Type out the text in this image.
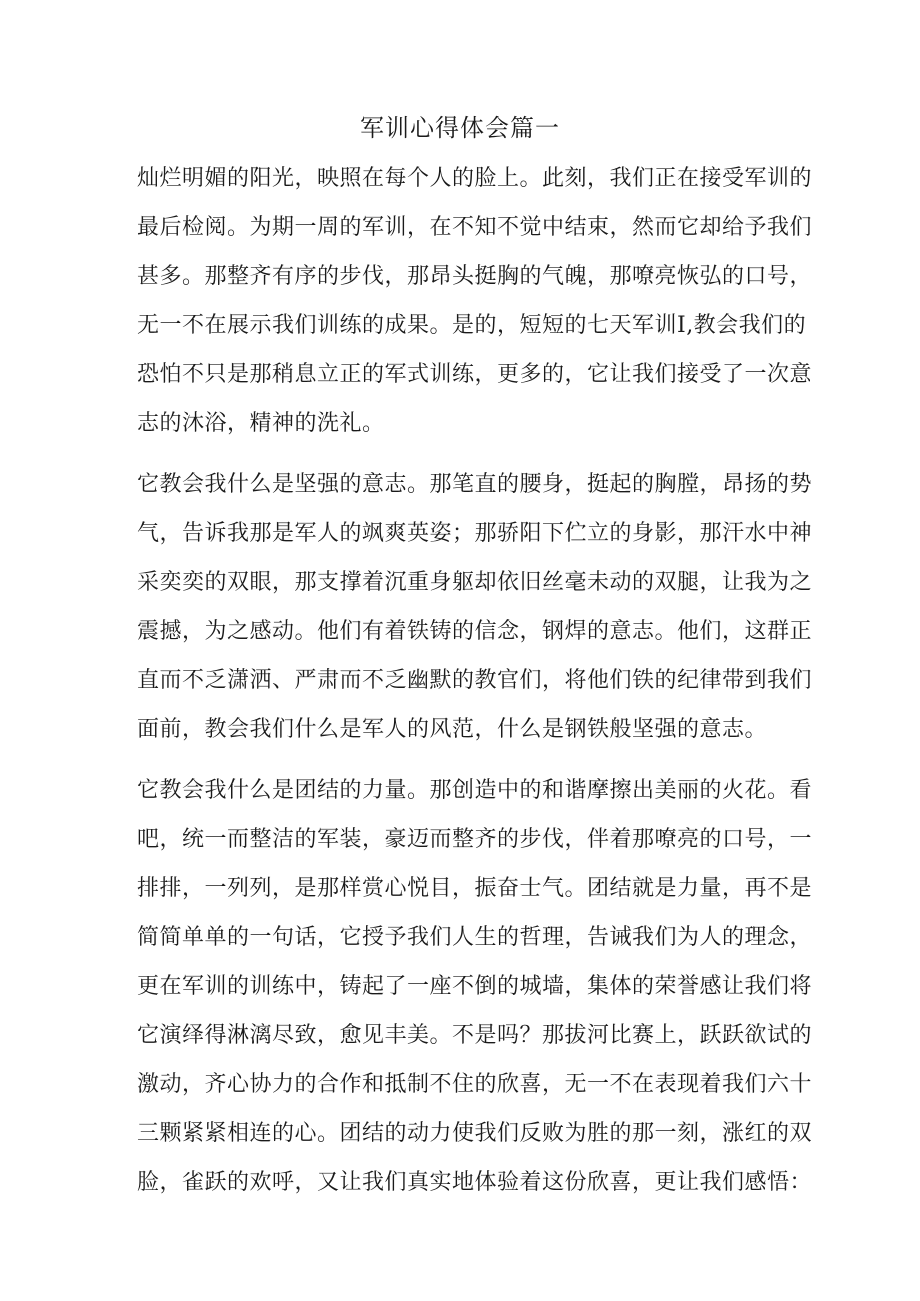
军训心得体会篇一
灿烂明媚的阳光，映照在每个人的脸上。此刻，我们正在接受军训的
最后检阅。为期一周的军训，在不知不觉中结束，然而它却给予我们
甚多。那整齐有序的步伐，那昂头挺胸的气魄，那嘹亮恢弘的口号，
无一不在展示我们训练的成果。是的，短短的七天军训Ⅰ,教会我们的
恐怕不只是那稍息立正的军式训练，更多的，它让我们接受了一次意
志的沐浴，精神的洗礼。
它教会我什么是坚强的意志。那笔直的腰身，挺起的胸膛，昂扬的势
气，告诉我那是军人的飒爽英姿；那骄阳下伫立的身影，那汗水中神
采奕奕的双眼，那支撑着沉重身躯却依旧丝毫未动的双腿，让我为之
震撼，为之感动。他们有着铁铸的信念，钢焊的意志。他们，这群正
直而不乏潇洒、严肃而不乏幽默的教官们，将他们铁的纪律带到我们
面前，教会我们什么是军人的风范，什么是钢铁般坚强的意志。
它教会我什么是团结的力量。那创造中的和谐摩擦出美丽的火花。看
吧，统一而整洁的军装，豪迈而整齐的步伐，伴着那嘹亮的口号，一
排排，一列列，是那样赏心悦目，振奋士气。团结就是力量，再不是
简简单单的一句话，它授予我们人生的哲理，告诫我们为人的理念，
更在军训的训练中，铸起了一座不倒的城墙，集体的荣誉感让我们将
它演绎得淋漓尽致，愈见丰美。不是吗？那拔河比赛上，跃跃欲试的
激动，齐心协力的合作和抵制不住的欣喜，无一不在表现着我们六十
三颗紧紧相连的心。团结的动力使我们反败为胜的那一刻，涨红的双
脸，雀跃的欢呼，又让我们真实地体验着这份欣喜，更让我们感悟：
